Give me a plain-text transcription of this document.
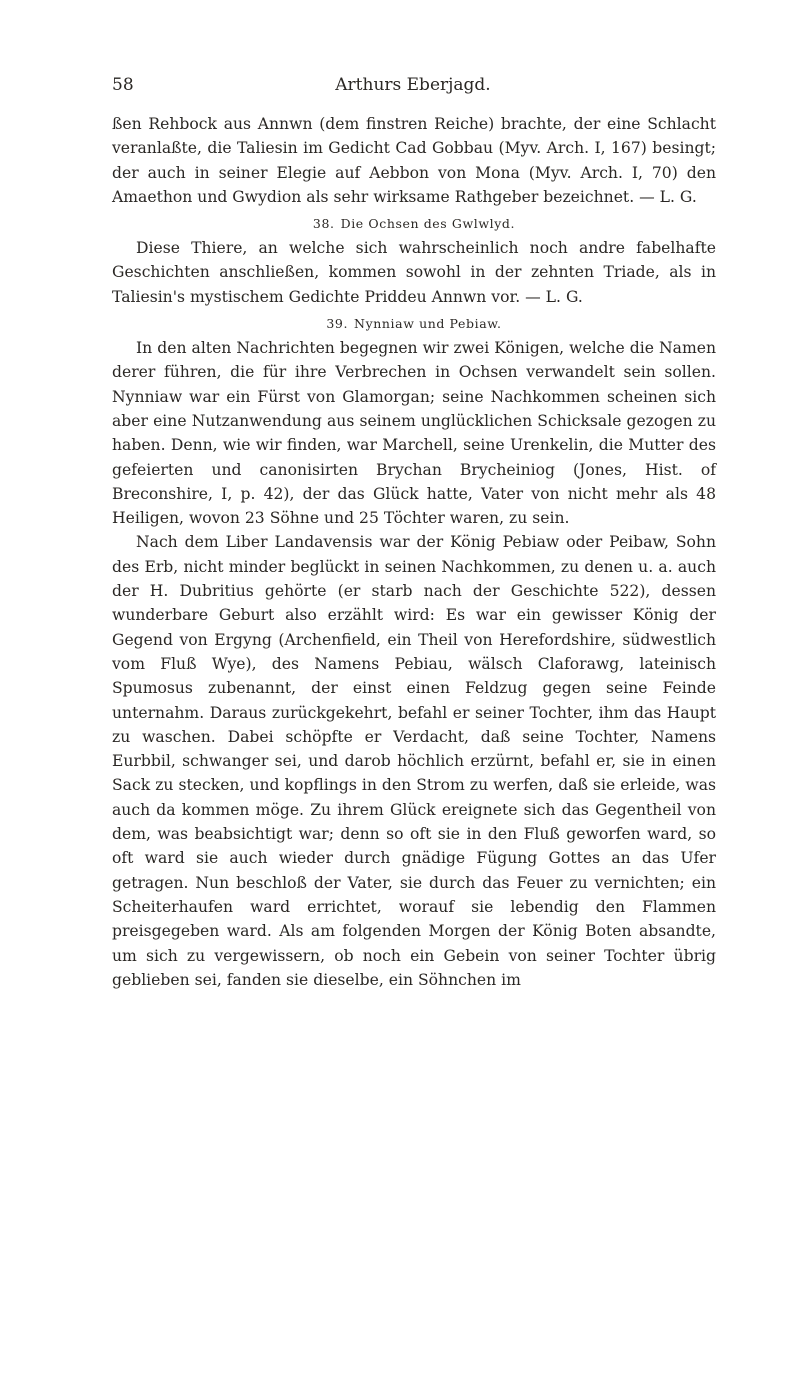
58	Arthurs Eberjagd.

ßen Rehbock aus Annwn (dem finstren Reiche) brachte, der eine Schlacht veranlaßte, die Taliesin im Gedicht Cad Gobbau (Myv. Arch. I, 167) besingt; der auch in seiner Elegie auf Aebbon von Mona (Myv. Arch. I, 70) den Amaethon und Gwydion als sehr wirksame Rathgeber bezeichnet. — L. G.

38. Die Ochsen des Gwlwlyd.

Diese Thiere, an welche sich wahrscheinlich noch andre fabelhafte Geschichten anschließen, kommen sowohl in der zehnten Triade, als in Taliesin's mystischem Gedichte Priddeu Annwn vor. — L. G.

39. Nynniaw und Pebiaw.

In den alten Nachrichten begegnen wir zwei Königen, welche die Namen derer führen, die für ihre Verbrechen in Ochsen verwandelt sein sollen. Nynniaw war ein Fürst von Glamorgan; seine Nachkommen scheinen sich aber eine Nutzanwendung aus seinem unglücklichen Schicksale gezogen zu haben. Denn, wie wir finden, war Marchell, seine Urenkelin, die Mutter des gefeierten und canonisirten Brychan Brycheiniog (Jones, Hist. of Breconshire, I, p. 42), der das Glück hatte, Vater von nicht mehr als 48 Heiligen, wovon 23 Söhne und 25 Töchter waren, zu sein.

Nach dem Liber Landavensis war der König Pebiaw oder Peibaw, Sohn des Erb, nicht minder beglückt in seinen Nachkommen, zu denen u. a. auch der H. Dubritius gehörte (er starb nach der Geschichte 522), dessen wunderbare Geburt also erzählt wird: Es war ein gewisser König der Gegend von Ergyng (Archenfield, ein Theil von Herefordshire, südwestlich vom Fluß Wye), des Namens Pebiau, wälsch Claforawg, lateinisch Spumosus zubenannt, der einst einen Feldzug gegen seine Feinde unternahm. Daraus zurückgekehrt, befahl er seiner Tochter, ihm das Haupt zu waschen. Dabei schöpfte er Verdacht, daß seine Tochter, Namens Eurbbil, schwanger sei, und darob höchlich erzürnt, befahl er, sie in einen Sack zu stecken, und kopflings in den Strom zu werfen, daß sie erleide, was auch da kommen möge. Zu ihrem Glück ereignete sich das Gegentheil von dem, was beabsichtigt war; denn so oft sie in den Fluß geworfen ward, so oft ward sie auch wieder durch gnädige Fügung Gottes an das Ufer getragen. Nun beschloß der Vater, sie durch das Feuer zu vernichten; ein Scheiterhaufen ward errichtet, worauf sie lebendig den Flammen preisgegeben ward. Als am folgenden Morgen der König Boten absandte, um sich zu vergewissern, ob noch ein Gebein von seiner Tochter übrig geblieben sei, fanden sie dieselbe, ein Söhnchen im
